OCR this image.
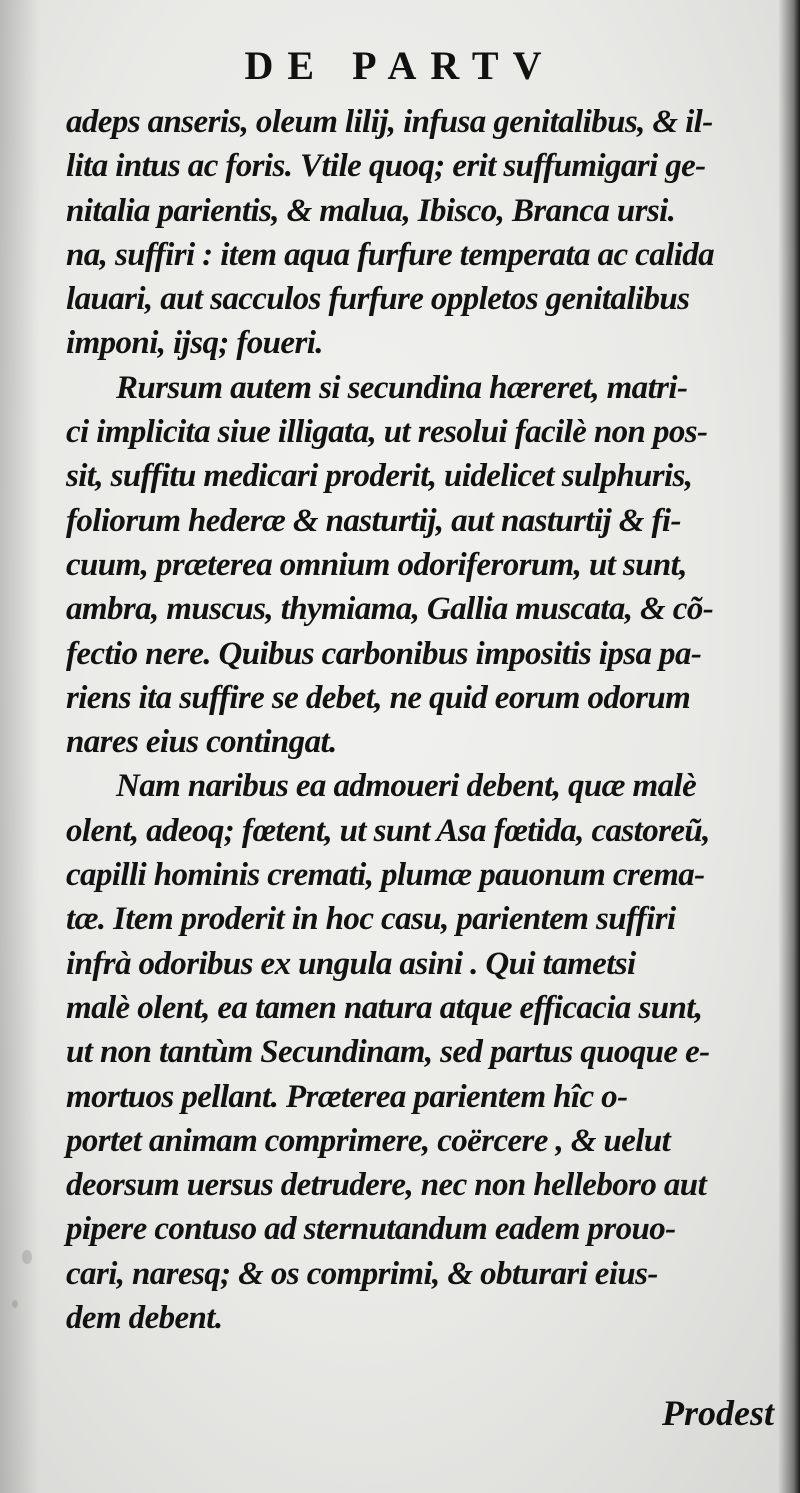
DE PARTV
adeps anseris, oleum lilij, infusa genitalibus, & il-
lita intus ac foris. Vtile quoq; erit suffumigari ge-
nitalia parientis, & malua, Ibisco, Branca ursi.
na, suffiri : item aqua furfure temperata ac calida
lauari, aut sacculos furfure oppletos genitalibus
imponi, ijsq; foueri.
Rursum autem si secundina hæreret, matri-
ci implicita siue illigata, ut resolui facilè non pos-
sit, suffitu medicari proderit, uidelicet sulphuris,
foliorum hederæ & nasturtij, aut nasturtij & fi-
cuum, præterea omnium odoriferorum, ut sunt,
ambra, muscus, thymiama, Gallia muscata, & cõ-
fectio nere. Quibus carbonibus impositis ipsa pa-
riens ita suffire se debet, ne quid eorum odorum
nares eius contingat.
Nam naribus ea admoueri debent, quæ malè
olent, adeoq; fœtent, ut sunt Asa fœtida, castoreũ,
capilli hominis cremati, plumæ pauonum crema-
tæ. Item proderit in hoc casu, parientem suffiri
infrà odoribus ex ungula asini . Qui tametsi
malè olent, ea tamen natura atque efficacia sunt,
ut non tantùm Secundinam, sed partus quoque e-
mortuos pellant. Præterea parientem hîc o-
portet animam comprimere, coërcere , & uelut
deorsum uersus detrudere, nec non helleboro aut
pipere contuso ad sternutandum eadem prouo-
cari, naresq; & os comprimi, & obturari eius-
dem debent.
Prodest
